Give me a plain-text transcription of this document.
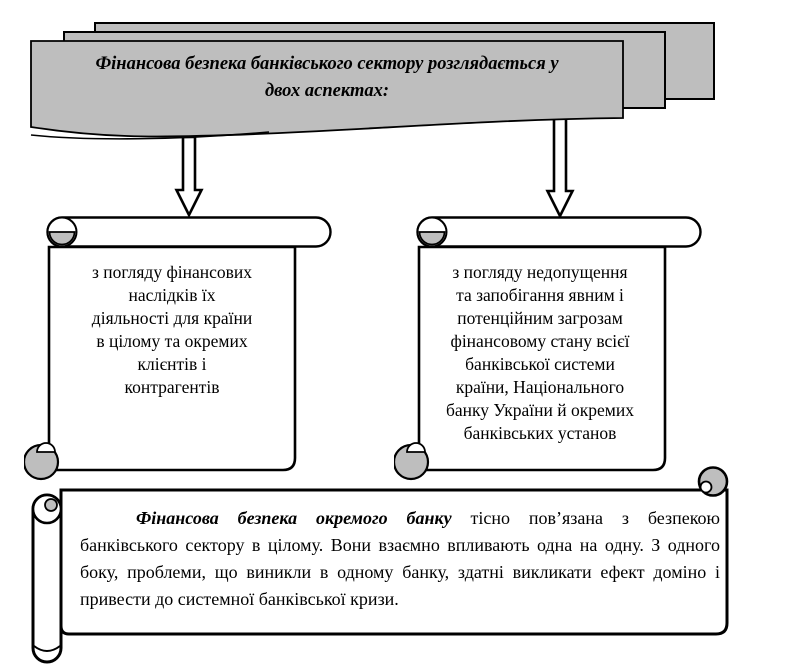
Фінансова безпека банківського сектору розглядається у
двох аспектах:
з погляду фінансових
наслідків їх
діяльності для країни
в цілому та окремих
клієнтів і
контрагентів
з погляду недопущення
та запобігання явним і
потенційним загрозам
фінансовому стану всієї
банківської системи
країни, Національного
банку України й окремих
банківських установ
Фінансова безпека окремого банку тісно пов’язана з безпекою банківського сектору в цілому. Вони взаємно впливають одна на одну. З одного боку, проблеми, що виникли в одному банку, здатні викликати ефект доміно і привести до системної банківської кризи.
